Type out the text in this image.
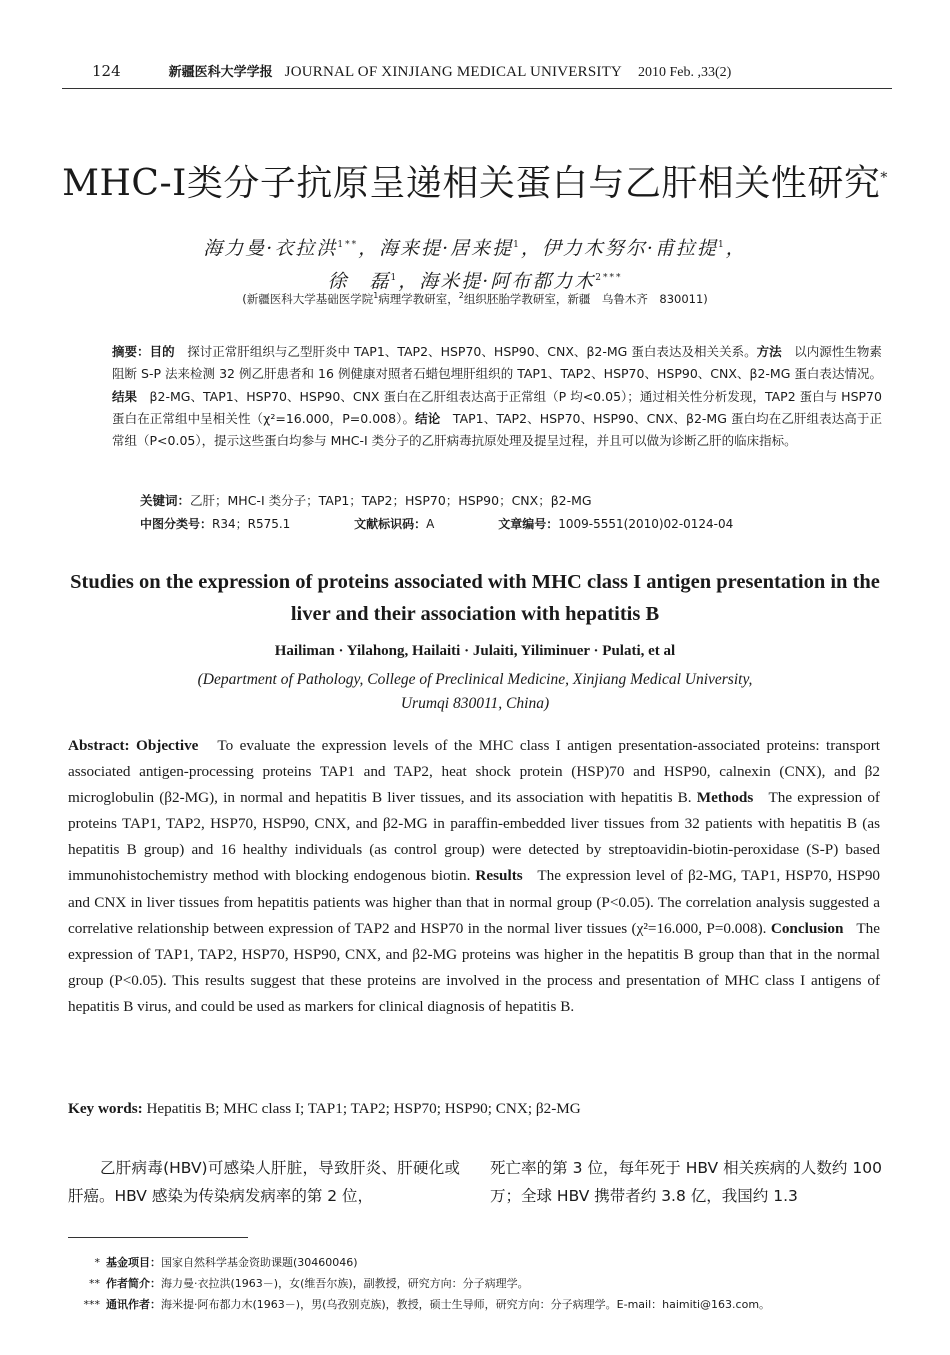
124	新疆医科大学学报 JOURNAL OF XINJIANG MEDICAL UNIVERSITY 2010 Feb. ,33(2)
MHC-I类分子抗原呈递相关蛋白与乙肝相关性研究*
海力曼·衣拉洪$^{1**}$，海来提·居来提$^1$，伊力木努尔·甫拉提$^1$，
徐　磊$^1$，海米提·阿布都力木$^{2***}$
(新疆医科大学基础医学院$^1$病理学教研室，$^2$组织胚胎学教研室，新疆　乌鲁木齐　830011)
摘要：目的　 探讨正常肝组织与乙型肝炎中 TAP1、TAP2、HSP70、HSP90、CNX、β2-MG 蛋白表达及相关关系。方法　 以内源性生物素阻断 S-P 法来检测 32 例乙肝患者和 16 例健康对照者石蜡包埋肝组织的 TAP1、TAP2、HSP70、HSP90、CNX、β2-MG 蛋白表达情况。结果　 β2-MG、TAP1、HSP70、HSP90、CNX 蛋白在乙肝组表达高于正常组（P 均<0.05）；通过相关性分析发现，TAP2 蛋白与 HSP70 蛋白在正常组中呈相关性（χ²=16.000，P=0.008）。结论　 TAP1、TAP2、HSP70、HSP90、CNX、β2-MG 蛋白均在乙肝组表达高于正常组（P<0.05），提示这些蛋白均参与 MHC-I 类分子的乙肝病毒抗原处理及提呈过程，并且可以做为诊断乙肝的临床指标。
关键词：乙肝；MHC-I 类分子；TAP1；TAP2；HSP70；HSP90；CNX；β2-MG
中图分类号：R34；R575.1	文献标识码：A	文章编号：1009-5551(2010)02-0124-04
Studies on the expression of proteins associated with MHC class I antigen presentation in the liver and their association with hepatitis B
Hailiman · Yilahong, Hailaiti · Julaiti, Yiliminuer · Pulati, et al
(Department of Pathology, College of Preclinical Medicine, Xinjiang Medical University,
Urumqi 830011, China)
Abstract: Objective To evaluate the expression levels of the MHC class I antigen presentation-associated proteins: transport associated antigen-processing proteins TAP1 and TAP2, heat shock protein (HSP)70 and HSP90, calnexin (CNX), and β2 microglobulin (β2-MG), in normal and hepatitis B liver tissues, and its association with hepatitis B. Methods The expression of proteins TAP1, TAP2, HSP70, HSP90, CNX, and β2-MG in paraffin-embedded liver tissues from 32 patients with hepatitis B (as hepatitis B group) and 16 healthy individuals (as control group) were detected by streptoavidin-biotin-peroxidase (S-P) based immunohistochemistry method with blocking endogenous biotin. Results The expression level of β2-MG, TAP1, HSP70, HSP90 and CNX in liver tissues from hepatitis patients was higher than that in normal group (P<0.05). The correlation analysis suggested a correlative relationship between expression of TAP2 and HSP70 in the normal liver tissues (χ²=16.000, P=0.008). Conclusion The expression of TAP1, TAP2, HSP70, HSP90, CNX, and β2-MG proteins was higher in the hepatitis B group than that in the normal group (P<0.05). This results suggest that these proteins are involved in the process and presentation of MHC class I antigens of hepatitis B virus, and could be used as markers for clinical diagnosis of hepatitis B.
Key words: Hepatitis B; MHC class I; TAP1; TAP2; HSP70; HSP90; CNX; β2-MG
乙肝病毒(HBV)可感染人肝脏，导致肝炎、肝硬化或肝癌。HBV 感染为传染病发病率的第 2 位，
死亡率的第 3 位，每年死于 HBV 相关疾病的人数约 100 万；全球 HBV 携带者约 3.8 亿，我国约 1.3
* 基金项目： 国家自然科学基金资助课题(30460046)
** 作者简介： 海力曼·衣拉洪(1963－)，女(维吾尔族)，副教授，研究方向：分子病理学。
*** 通讯作者： 海米提·阿布都力木(1963－)，男(乌孜别克族)，教授，硕士生导师，研究方向：分子病理学。E-mail：haimiti@163.com。
